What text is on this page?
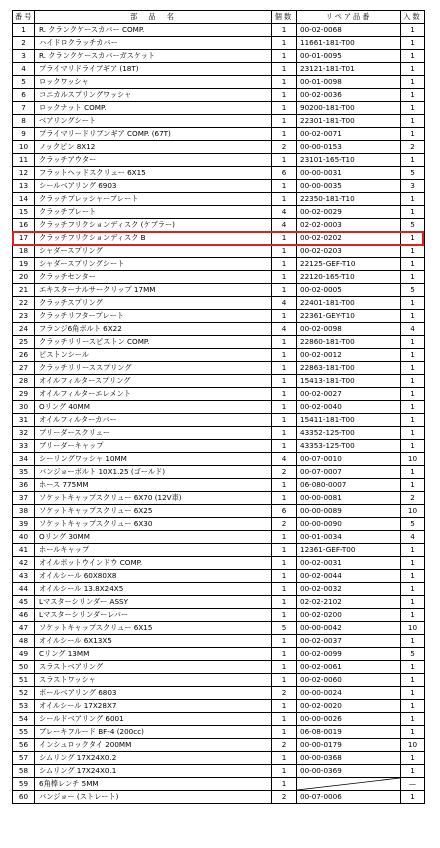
番号	部　品　名	個数	リペア品番	入数
1	R. クランクケースカバー COMP.	1	00-02-0068	1
2	ハイドロクラッチカバー	1	11661-181-T00	1
3	R. クランクケースカバーガスケット	1	00-01-0095	1
4	プライマリドライブギア (18T)	1	23121-181-T01	1
5	ロックワッシャ	1	00-01-0098	1
6	コニカルスプリングワッシャ	1	00-02-0036	1
7	ロックナット COMP.	1	90200-181-T00	1
8	ベアリングシート	1	22301-181-T00	1
9	プライマリードリブンギア COMP. (67T)	1	00-02-0071	1
10	ノックピン 8X12	2	00-00-0153	2
11	クラッチアウター	1	23101-165-T10	1
12	フラットヘッドスクリュー 6X15	6	00-00-0031	5
13	シールベアリング 6903	1	00-00-0035	3
14	クラッチプレッシャープレート	1	22350-181-T10	1
15	クラッチプレート	4	00-02-0029	1
16	クラッチフリクションディスク (ケブラー)	4	02-02-0003	5
17	クラッチフリクションディスク B	1	00-02-0202	1
18	シャダースプリング	1	00-02-0203	1
19	シャダースプリングシート	1	22125-GEF-T10	1
20	クラッチセンター	1	22120-165-T10	1
21	エキスターナルサークリップ 17MM	1	00-02-0005	5
22	クラッチスプリング	4	22401-181-T00	1
23	クラッチリフタープレート	1	22361-GEY-T10	1
24	フランジ6角ボルト 6X22	4	00-02-0098	4
25	クラッチリリースピストン COMP.	1	22860-181-T00	1
26	ピストンシール	1	00-02-0012	1
27	クラッチリリーススプリング	1	22863-181-T00	1
28	オイルフィルタースプリング	1	15413-181-T00	1
29	オイルフィルターエレメント	1	00-02-0027	1
30	Oリング 40MM	1	00-02-0040	1
31	オイルフィルターカバー	1	15411-181-T00	1
32	ブリーダースクリュー	1	43352-125-T00	1
33	ブリーダーキャップ	1	43353-125-T00	1
34	シーリングワッシャ 10MM	4	00-07-0010	10
35	バンジョーボルト 10X1.25 (ゴールド)	2	00-07-0007	1
36	ホース 775MM	1	06-080-0007	1
37	ソケットキャップスクリュー 6X70 (12V車)	1	00-00-0081	2
38	ソケットキャップスクリュー 6X25	6	00-00-0089	10
39	ソケットキャップスクリュー 6X30	2	00-00-0090	5
40	Oリング 30MM	1	00-01-0034	4
41	ホールキャップ	1	12361-GEF-T00	1
42	オイルポットウインドウ COMP.	1	00-02-0031	1
43	オイルシール 60X80X8	1	00-02-0044	1
44	オイルシール 13.8X24X5	1	00-02-0032	1
45	Lマスターシリンダー ASSY	1	02-02-2102	1
46	Lマスターシリンダーレバー	1	00-02-0200	1
47	ソケットキャップスクリュー 6X15	5	00-00-0042	10
48	オイルシール 6X13X5	1	00-02-0037	1
49	Cリング 13MM	1	00-02-0099	5
50	スラストベアリング	1	00-02-0061	1
51	スラストワッシャ	1	00-02-0060	1
52	ボールベアリング 6803	2	00-00-0024	1
53	オイルシール 17X28X7	1	00-02-0020	1
54	シールドベアリング 6001	1	00-00-0026	1
55	ブレーキフルード BF-4 (200cc)	1	06-08-0019	1
56	インシュロックタイ 200MM	2	00-00-0179	10
57	シムリング 17X24X0.2	1	00-00-0368	1
58	シムリング 17X24X0.1	1	00-00-0369	1
59	6角棒レンチ 5MM	1		—
60	バンジョー (ストレート)	2	00-07-0006	1
